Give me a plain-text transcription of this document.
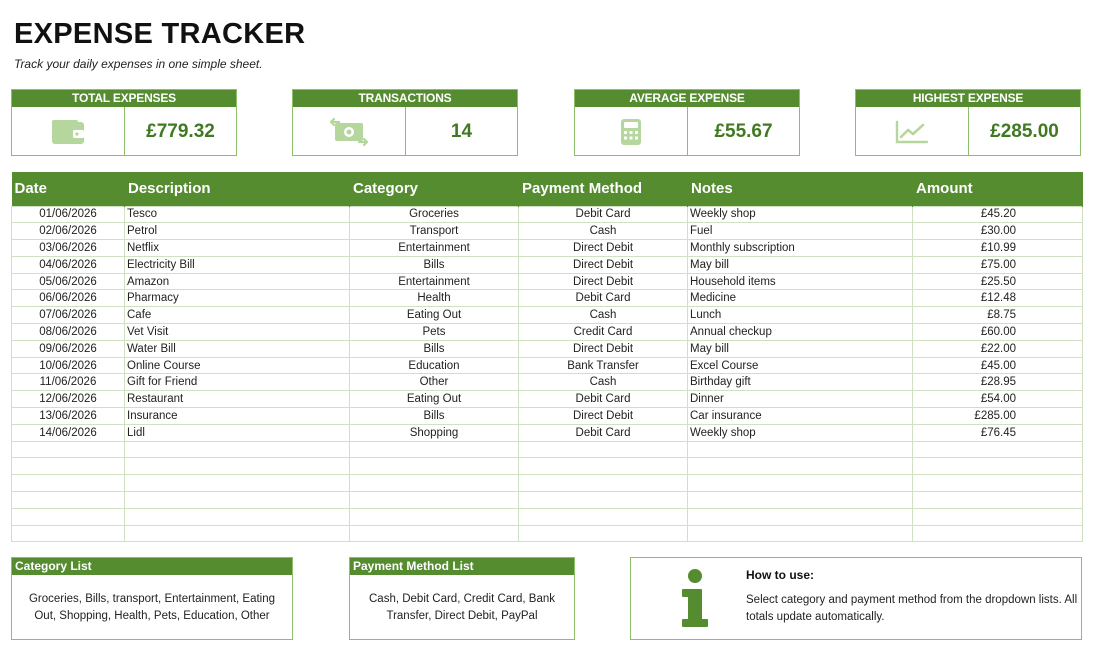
EXPENSE TRACKER
Track your daily expenses in one simple sheet.
TOTAL EXPENSES
£779.32
TRANSACTIONS
14
AVERAGE EXPENSE
£55.67
HIGHEST EXPENSE
£285.00
Date	Description	Category	Payment Method	Notes	Amount
01/06/2026	Tesco	Groceries	Debit Card	Weekly shop	£45.20
02/06/2026	Petrol	Transport	Cash	Fuel	£30.00
03/06/2026	Netflix	Entertainment	Direct Debit	Monthly subscription	£10.99
04/06/2026	Electricity Bill	Bills	Direct Debit	May bill	£75.00
05/06/2026	Amazon	Entertainment	Direct Debit	Household items	£25.50
06/06/2026	Pharmacy	Health	Debit Card	Medicine	£12.48
07/06/2026	Cafe	Eating Out	Cash	Lunch	£8.75
08/06/2026	Vet Visit	Pets	Credit Card	Annual checkup	£60.00
09/06/2026	Water Bill	Bills	Direct Debit	May bill	£22.00
10/06/2026	Online Course	Education	Bank Transfer	Excel Course	£45.00
11/06/2026	Gift for Friend	Other	Cash	Birthday gift	£28.95
12/06/2026	Restaurant	Eating Out	Debit Card	Dinner	£54.00
13/06/2026	Insurance	Bills	Direct Debit	Car insurance	£285.00
14/06/2026	Lidl	Shopping	Debit Card	Weekly shop	£76.45

Category List
Groceries, Bills, transport, Entertainment, Eating Out, Shopping, Health, Pets, Education, Other
Payment Method List
Cash, Debit Card, Credit Card, Bank Transfer, Direct Debit, PayPal
How to use:
Select category and payment method from the dropdown lists. All totals update automatically.
